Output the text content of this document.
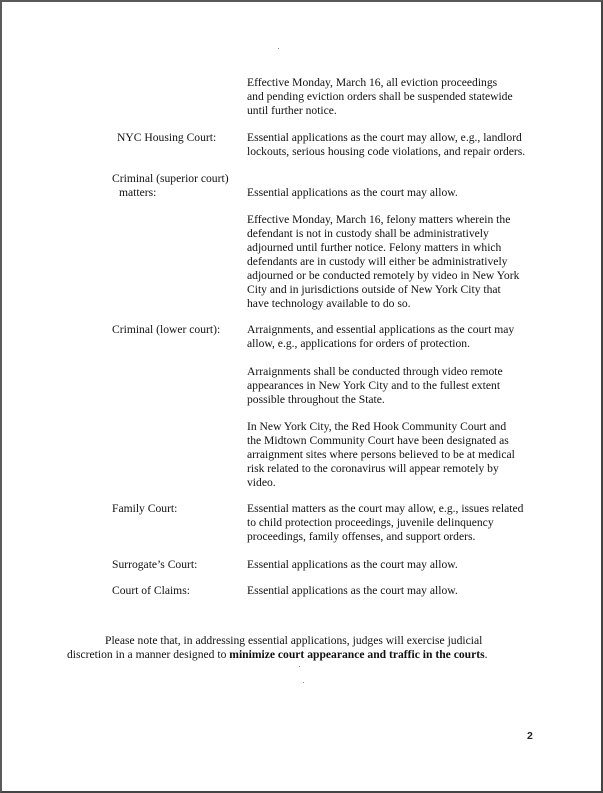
Effective Monday, March 16, all eviction proceedings
and pending eviction orders shall be suspended statewide
until further notice.
NYC Housing Court:	Essential applications as the court may allow, e.g., landlord
lockouts, serious housing code violations, and repair orders.
Criminal (superior court)
matters:	Essential applications as the court may allow.
Effective Monday, March 16, felony matters wherein the
defendant is not in custody shall be administratively
adjourned until further notice. Felony matters in which
defendants are in custody will either be administratively
adjourned or be conducted remotely by video in New York
City and in jurisdictions outside of New York City that
have technology available to do so.
Criminal (lower court): Arraignments, and essential applications as the court may
allow, e.g., applications for orders of protection.
Arraignments shall be conducted through video remote
appearances in New York City and to the fullest extent
possible throughout the State.
In New York City, the Red Hook Community Court and
the Midtown Community Court have been designated as
arraignment sites where persons believed to be at medical
risk related to the coronavirus will appear remotely by
video.
Family Court:	Essential matters as the court may allow, e.g., issues related
to child protection proceedings, juvenile delinquency
proceedings, family offenses, and support orders.
Surrogate’s Court:	Essential applications as the court may allow.
Court of Claims:	Essential applications as the court may allow.
Please note that, in addressing essential applications, judges will exercise judicial
discretion in a manner designed to minimize court appearance and traffic in the courts.
2
